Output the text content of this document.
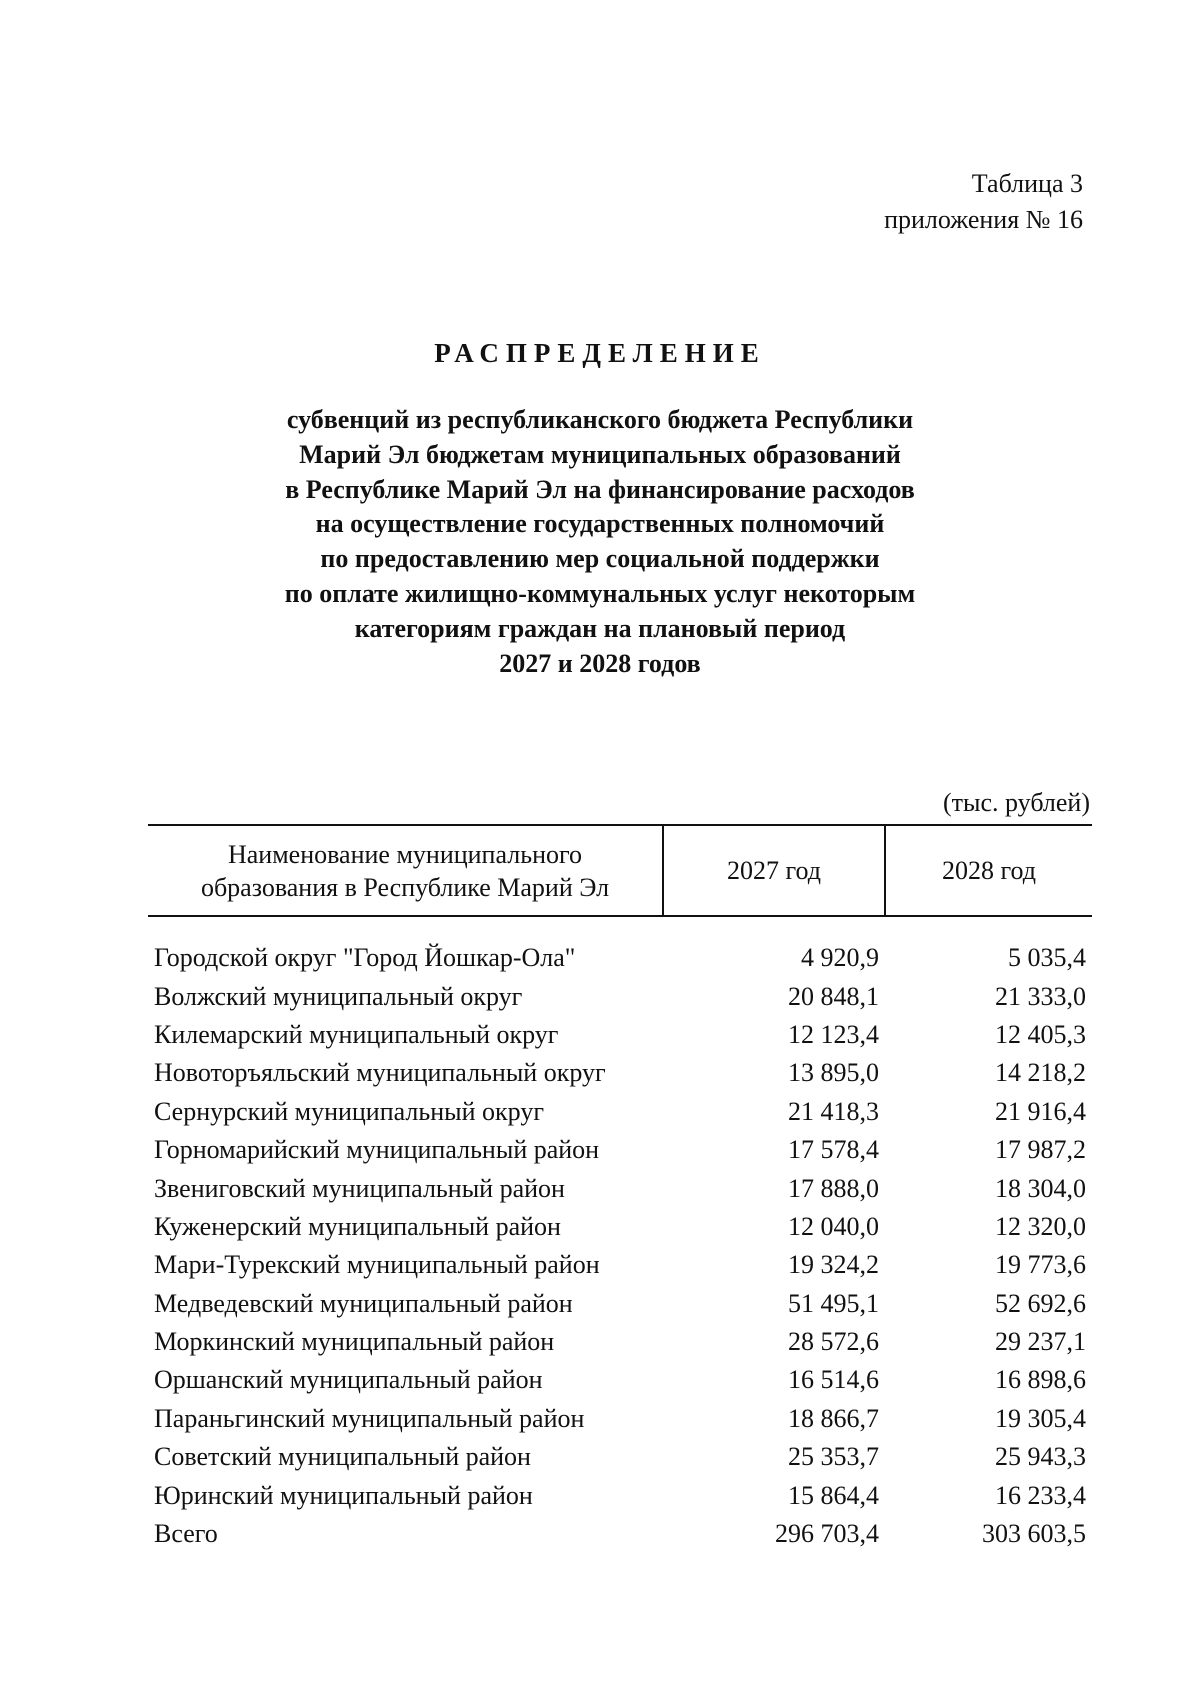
Таблица 3
приложения № 16
РАСПРЕДЕЛЕНИЕ
субвенций из республиканского бюджета Республики
Марий Эл бюджетам муниципальных образований
в Республике Марий Эл на финансирование расходов
на осуществление государственных полномочий
по предоставлению мер социальной поддержки
по оплате жилищно-коммунальных услуг некоторым
категориям граждан на плановый период
2027 и 2028 годов
(тыс. рублей)
Наименование муниципального
образования в Республике Марий Эл	2027 год	2028 год
Городской округ "Город Йошкар-Ола"	4 920,9	5 035,4
Волжский муниципальный округ	20 848,1	21 333,0
Килемарский муниципальный округ	12 123,4	12 405,3
Новоторъяльский муниципальный округ	13 895,0	14 218,2
Сернурский муниципальный округ	21 418,3	21 916,4
Горномарийский муниципальный район	17 578,4	17 987,2
Звениговский муниципальный район	17 888,0	18 304,0
Куженерский муниципальный район	12 040,0	12 320,0
Мари-Турекский муниципальный район	19 324,2	19 773,6
Медведевский муниципальный район	51 495,1	52 692,6
Моркинский муниципальный район	28 572,6	29 237,1
Оршанский муниципальный район	16 514,6	16 898,6
Параньгинский муниципальный район	18 866,7	19 305,4
Советский муниципальный район	25 353,7	25 943,3
Юринский муниципальный район	15 864,4	16 233,4
Всего	296 703,4	303 603,5
